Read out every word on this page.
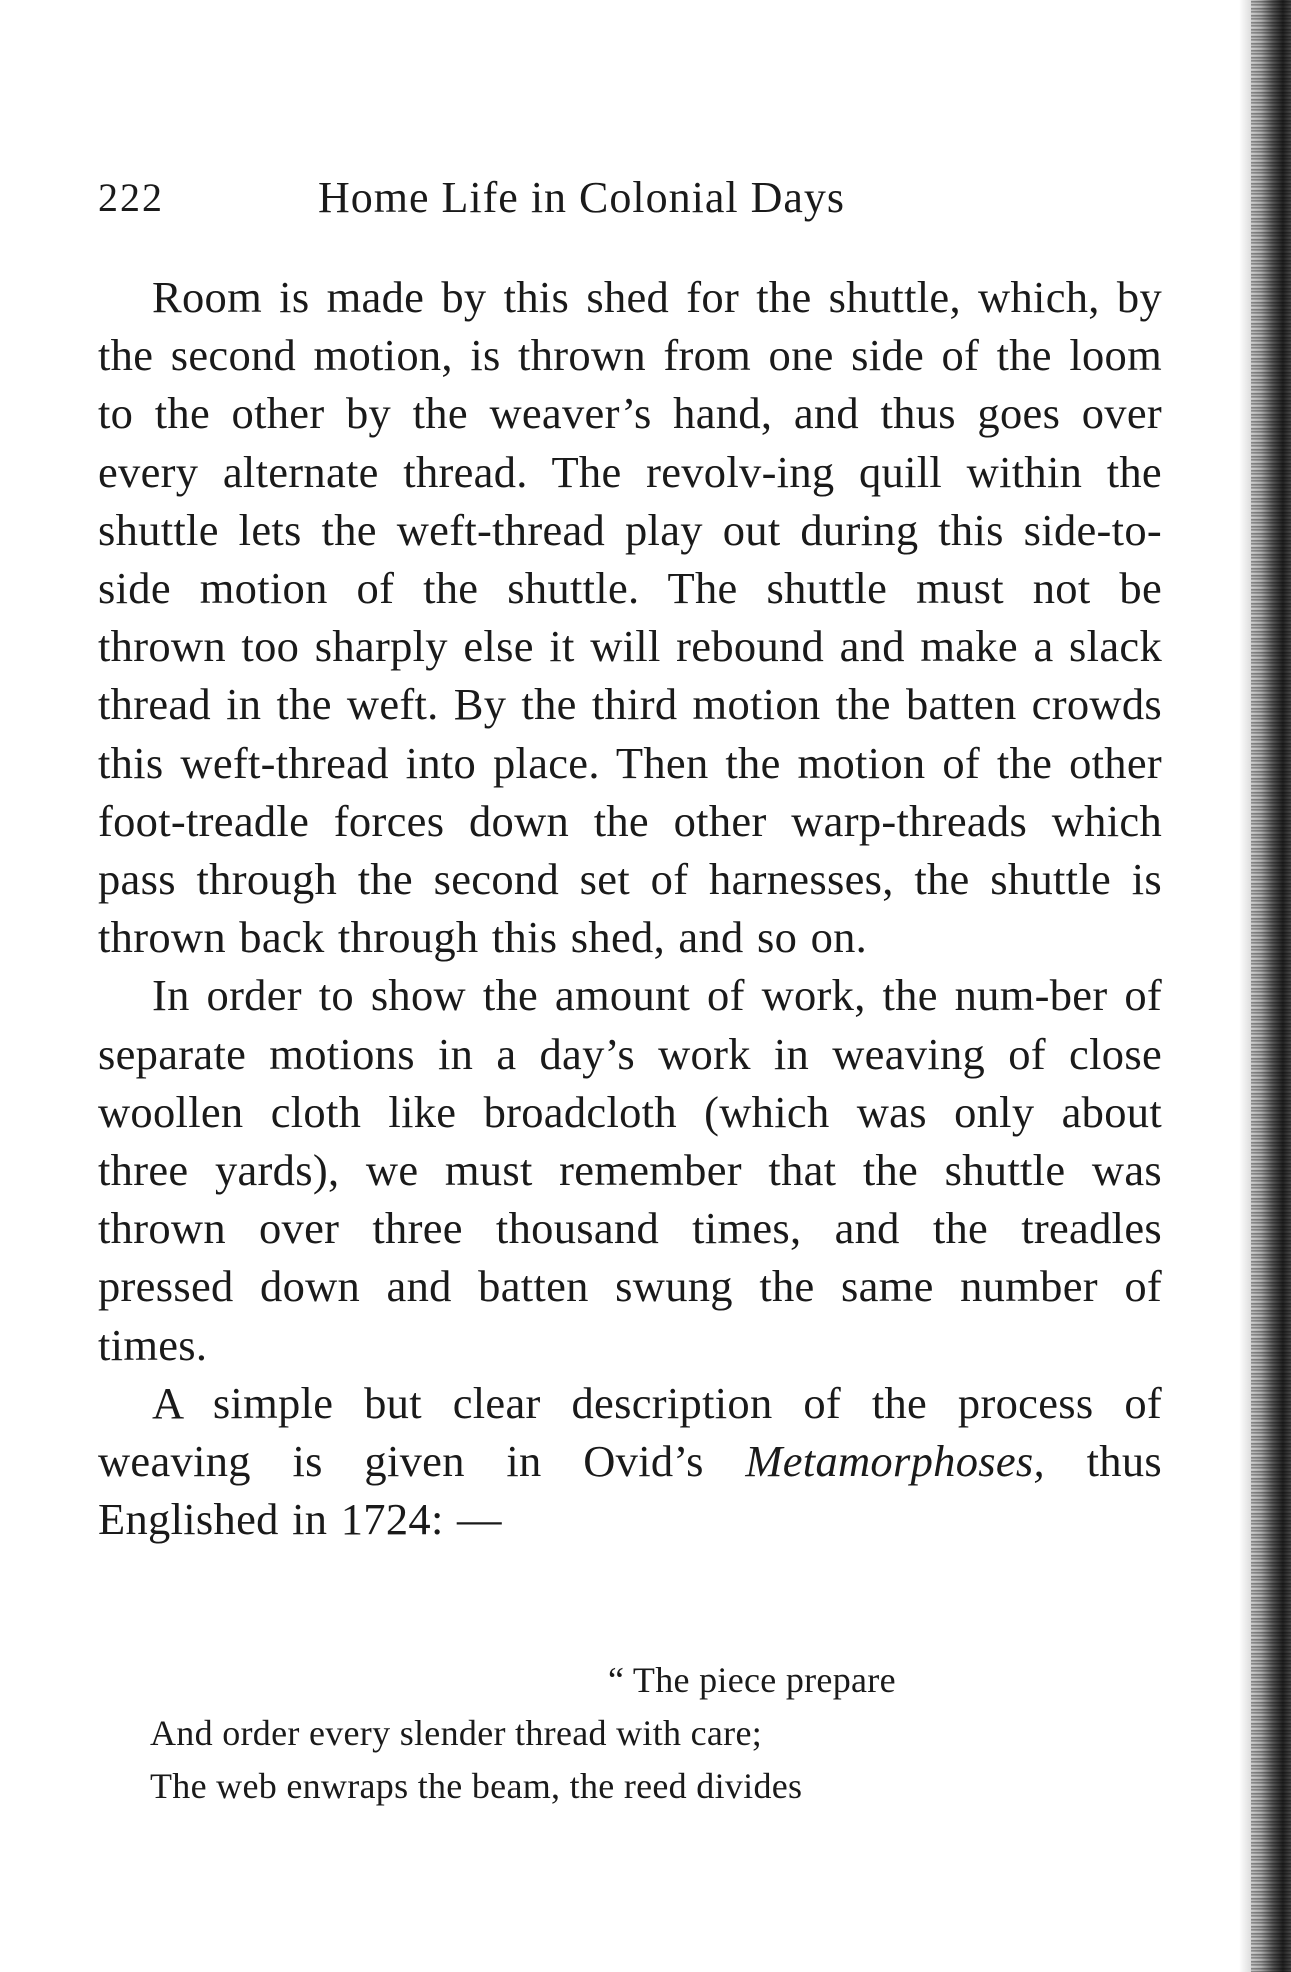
222	Home Life in Colonial Days

Room is made by this shed for the shuttle, which, by the second motion, is thrown from one side of the loom to the other by the weaver’s hand, and thus goes over every alternate thread. The revolv-ing quill within the shuttle lets the weft-thread play out during this side-to-side motion of the shuttle. The shuttle must not be thrown too sharply else it will rebound and make a slack thread in the weft. By the third motion the batten crowds this weft-thread into place. Then the motion of the other foot-treadle forces down the other warp-threads which pass through the second set of harnesses, the shuttle is thrown back through this shed, and so on.

In order to show the amount of work, the num-ber of separate motions in a day’s work in weaving of close woollen cloth like broadcloth (which was only about three yards), we must remember that the shuttle was thrown over three thousand times, and the treadles pressed down and batten swung the same number of times.

A simple but clear description of the process of weaving is given in Ovid’s Metamorphoses, thus Englished in 1724: —

“ The piece prepare

And order every slender thread with care;

The web enwraps the beam, the reed divides
